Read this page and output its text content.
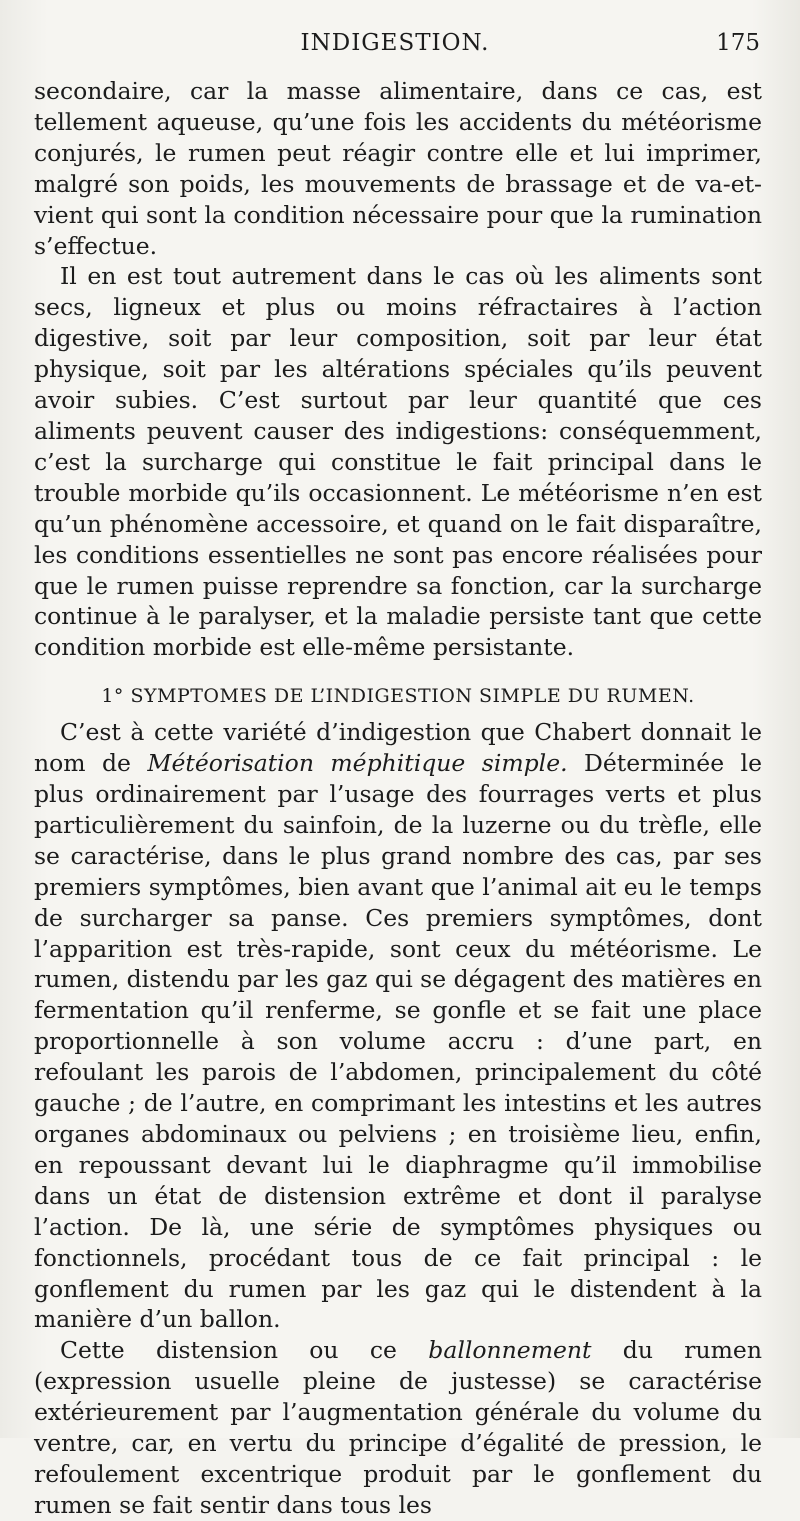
INDIGESTION.	175

secondaire, car la masse alimentaire, dans ce cas, est tellement aqueuse, qu’une fois les accidents du météorisme conjurés, le rumen peut réagir contre elle et lui imprimer, malgré son poids, les mouvements de brassage et de va-et-vient qui sont la condition nécessaire pour que la rumination s’effectue.

Il en est tout autrement dans le cas où les aliments sont secs, ligneux et plus ou moins réfractaires à l’action digestive, soit par leur composition, soit par leur état physique, soit par les altérations spéciales qu’ils peuvent avoir subies. C’est surtout par leur quantité que ces aliments peuvent causer des indigestions: conséquemment, c’est la surcharge qui constitue le fait principal dans le trouble morbide qu’ils occasionnent. Le météorisme n’en est qu’un phénomène accessoire, et quand on le fait disparaître, les conditions essentielles ne sont pas encore réalisées pour que le rumen puisse reprendre sa fonction, car la surcharge continue à le paralyser, et la maladie persiste tant que cette condition morbide est elle-même persistante.

1° SYMPTOMES DE L’INDIGESTION SIMPLE DU RUMEN.

C’est à cette variété d’indigestion que Chabert donnait le nom de Météorisation méphitique simple. Déterminée le plus ordinairement par l’usage des fourrages verts et plus particulièrement du sainfoin, de la luzerne ou du trèfle, elle se caractérise, dans le plus grand nombre des cas, par ses premiers symptômes, bien avant que l’animal ait eu le temps de surcharger sa panse. Ces premiers symptômes, dont l’apparition est très-rapide, sont ceux du météorisme. Le rumen, distendu par les gaz qui se dégagent des matières en fermentation qu’il renferme, se gonfle et se fait une place proportionnelle à son volume accru : d’une part, en refoulant les parois de l’abdomen, principalement du côté gauche ; de l’autre, en comprimant les intestins et les autres organes abdominaux ou pelviens ; en troisième lieu, enfin, en repoussant devant lui le diaphragme qu’il immobilise dans un état de distension extrême et dont il paralyse l’action. De là, une série de symptômes physiques ou fonctionnels, procédant tous de ce fait principal : le gonflement du rumen par les gaz qui le distendent à la manière d’un ballon.

Cette distension ou ce ballonnement du rumen (expression usuelle pleine de justesse) se caractérise extérieurement par l’augmentation générale du volume du ventre, car, en vertu du principe d’égalité de pression, le refoulement excentrique produit par le gonflement du rumen se fait sentir dans tous les
